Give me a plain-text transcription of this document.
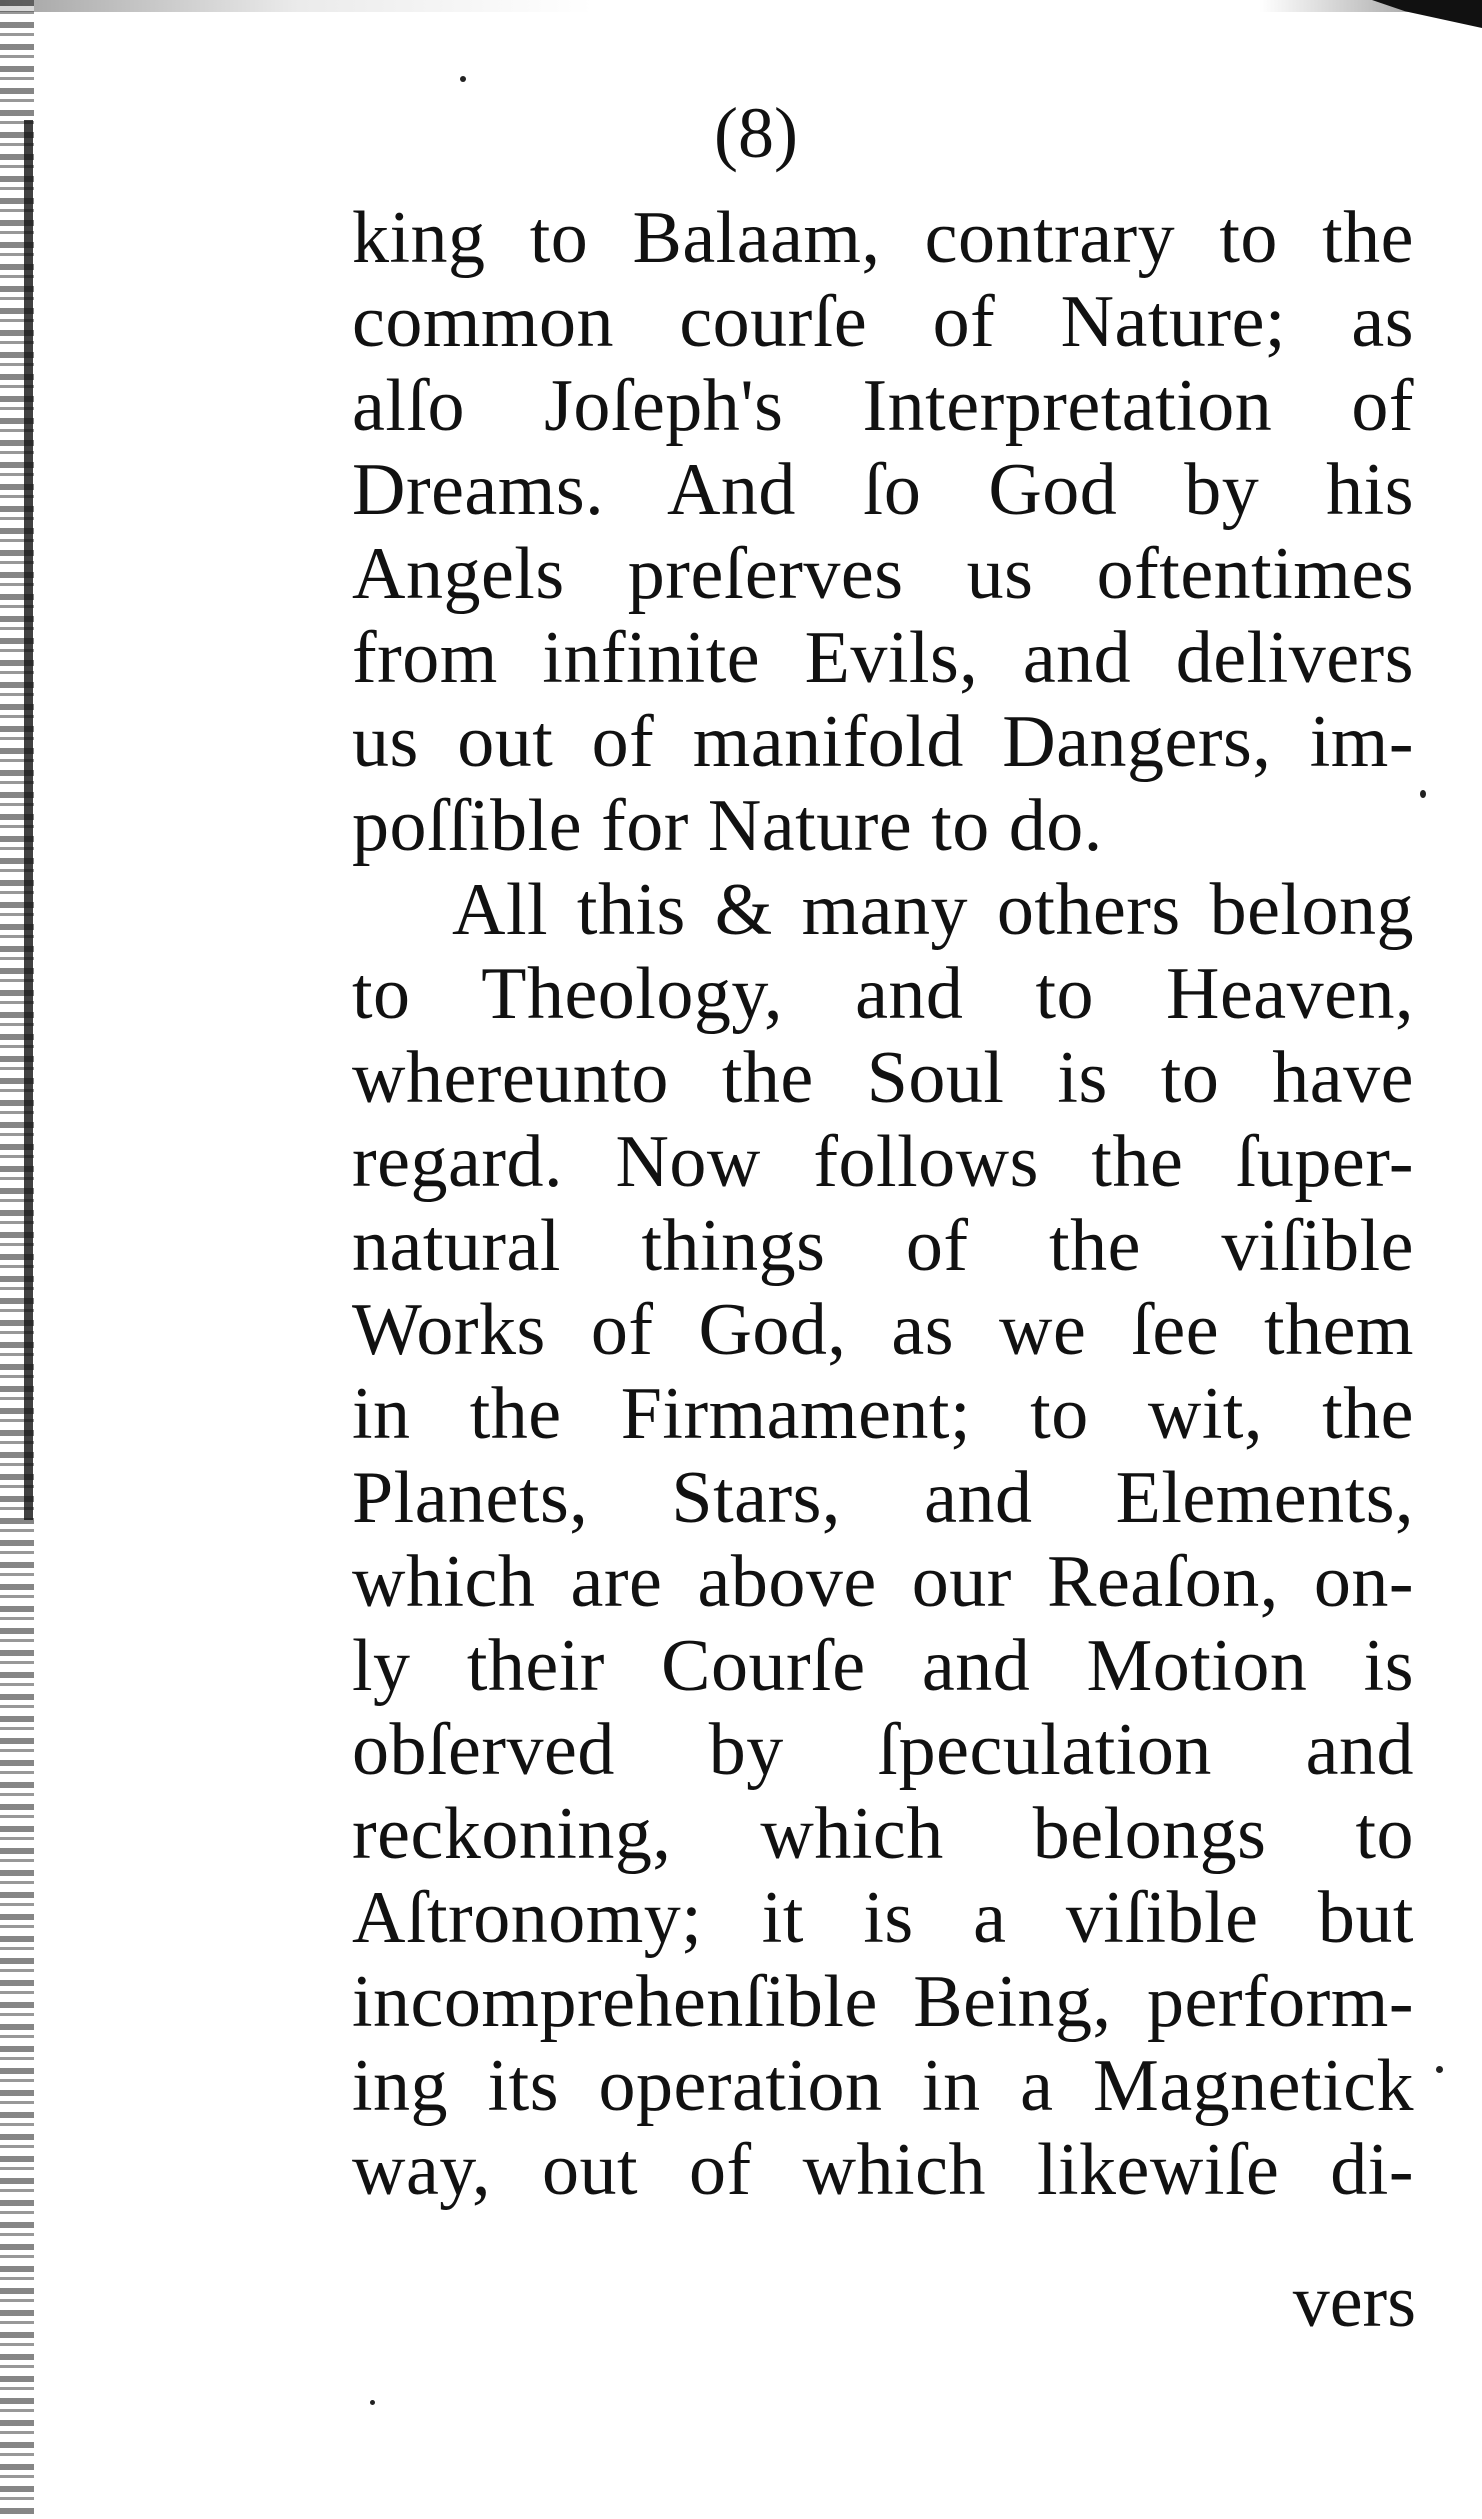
(8)
king to Balaam, contrary to the
common courſe of Nature; as
alſo Joſeph's Interpretation of
Dreams. And ſo God by his
Angels preſerves us oftentimes
from infinite Evils, and delivers
us out of manifold Dangers, im-
poſſible for Nature to do.
All this & many others belong
to Theology, and to Heaven,
whereunto the Soul is to have
regard. Now follows the ſuper-
natural things of the viſible
Works of God, as we ſee them
in the Firmament; to wit, the
Planets, Stars, and Elements,
which are above our Reaſon, on-
ly their Courſe and Motion is
obſerved by ſpeculation and
reckoning, which belongs to
Aſtronomy; it is a viſible but
incomprehenſible Being, perform-
ing its operation in a Magnetick
way, out of which likewiſe di-
vers
